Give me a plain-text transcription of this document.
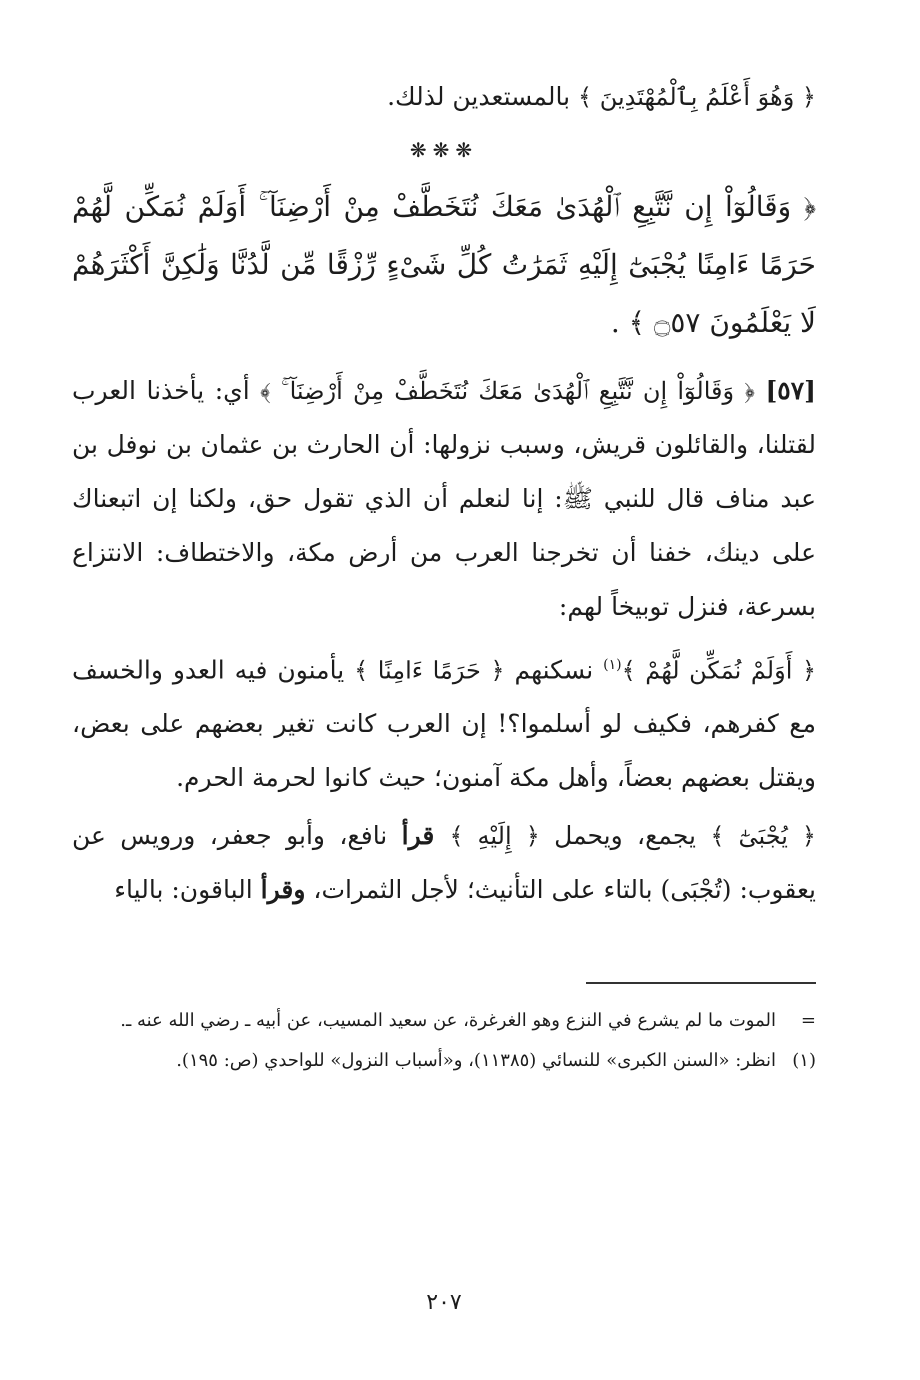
﴿ وَهُوَ أَعْلَمُ بِٱلْمُهْتَدِينَ ﴾ بالمستعدين لذلك.

❋❋❋

﴿ وَقَالُوٓاْ إِن نَّتَّبِعِ ٱلْهُدَىٰ مَعَكَ نُتَخَطَّفْ مِنْ أَرْضِنَآ ۚ أَوَلَمْ نُمَكِّن لَّهُمْ حَرَمًا ءَامِنًا يُجْبَىٰٓ إِلَيْهِ ثَمَرَٰتُ كُلِّ شَىْءٍ رِّزْقًا مِّن لَّدُنَّا وَلَٰكِنَّ أَكْثَرَهُمْ لَا يَعْلَمُونَ ۝٥٧ ﴾ .

[٥٧] ﴿ وَقَالُوٓاْ إِن نَّتَّبِعِ ٱلْهُدَىٰ مَعَكَ نُتَخَطَّفْ مِنْ أَرْضِنَآ ۚ ﴾ أي: يأخذنا العرب لقتلنا، والقائلون قريش، وسبب نزولها: أن الحارث بن عثمان بن نوفل بن عبد مناف قال للنبي ﷺ: إنا لنعلم أن الذي تقول حق، ولكنا إن اتبعناك على دينك، خفنا أن تخرجنا العرب من أرض مكة، والاختطاف: الانتزاع بسرعة، فنزل توبيخاً لهم:

﴿ أَوَلَمْ نُمَكِّن لَّهُمْ ﴾$^{(١)}$ نسكنهم ﴿ حَرَمًا ءَامِنًا ﴾ يأمنون فيه العدو والخسف مع كفرهم، فكيف لو أسلموا؟! إن العرب كانت تغير بعضهم على بعض، ويقتل بعضهم بعضاً، وأهل مكة آمنون؛ حيث كانوا لحرمة الحرم.

﴿ يُجْبَىٰٓ ﴾ يجمع، ويحمل ﴿ إِلَيْهِ ﴾ قرأ نافع، وأبو جعفر، ورويس عن يعقوب: (تُجْبَى) بالتاء على التأنيث؛ لأجل الثمرات، وقرأ الباقون: بالياء

=
الموت ما لم يشرع في النزع وهو الغرغرة، عن سعيد المسيب، عن أبيه ـ رضي الله عنه ـ.
(١)
انظر: «السنن الكبرى» للنسائي (١١٣٨٥)، و«أسباب النزول» للواحدي (ص: ١٩٥).
٢٠٧
